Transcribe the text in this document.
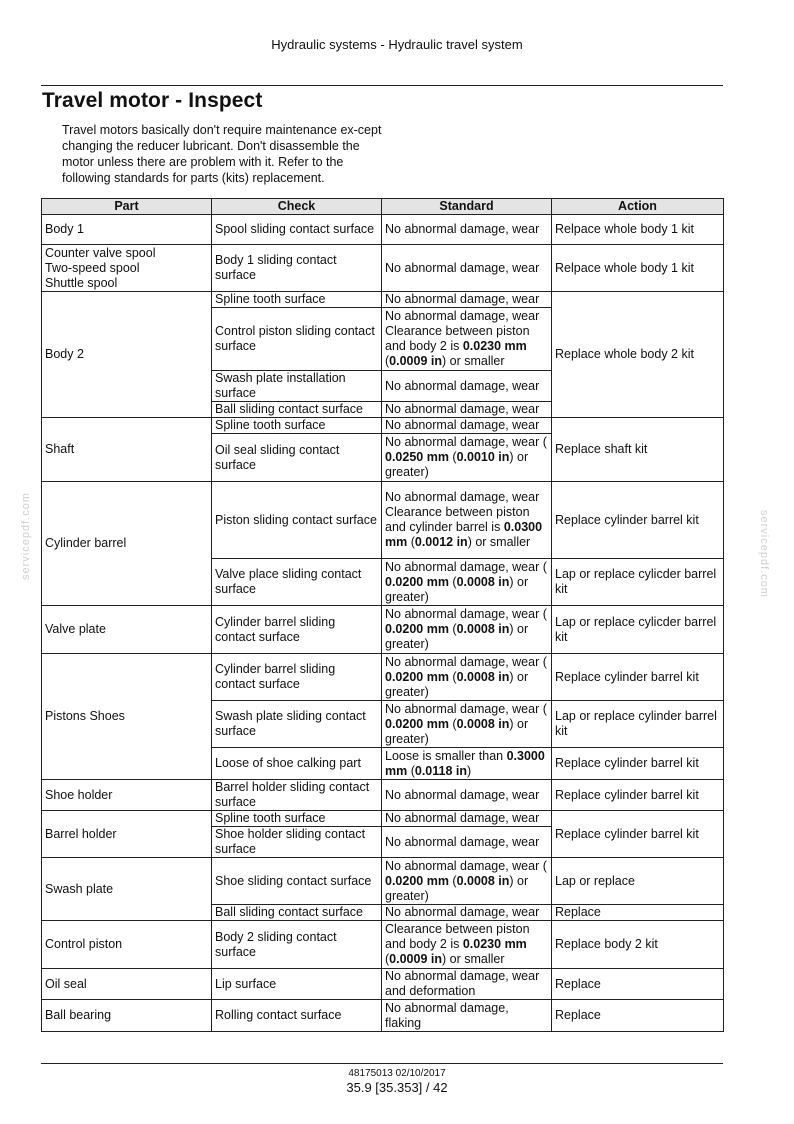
Hydraulic systems - Hydraulic travel system
Travel motor - Inspect

Travel motors basically don't require maintenance ex-cept changing the reducer lubricant. Don't disassemble the motor unless there are problem with it. Refer to the following standards for parts (kits) replacement.

Part	Check	Standard	Action
Body 1	Spool sliding contact surface	No abnormal damage, wear	Relpace whole body 1 kit
Counter valve spool
Two-speed spool
Shuttle spool	Body 1 sliding contact surface	No abnormal damage, wear	Relpace whole body 1 kit
Body 2	Spline tooth surface	No abnormal damage, wear	Replace whole body 2 kit
	Control piston sliding contact surface	No abnormal damage, wear Clearance between piston and body 2 is 0.0230 mm (0.0009 in) or smaller	
	Swash plate installation surface	No abnormal damage, wear	
	Ball sliding contact surface	No abnormal damage, wear	
Shaft	Spline tooth surface	No abnormal damage, wear	Replace shaft kit
	Oil seal sliding contact surface	No abnormal damage, wear ( 0.0250 mm (0.0010 in) or greater)	
Cylinder barrel	Piston sliding contact surface	No abnormal damage, wear Clearance between piston and cylinder barrel is 0.0300 mm (0.0012 in) or smaller	Replace cylinder barrel kit
	Valve place sliding contact surface	No abnormal damage, wear ( 0.0200 mm (0.0008 in) or greater)	Lap or replace cylicder barrel kit
Valve plate	Cylinder barrel sliding contact surface	No abnormal damage, wear ( 0.0200 mm (0.0008 in) or greater)	Lap or replace cylicder barrel kit
Pistons Shoes	Cylinder barrel sliding contact surface	No abnormal damage, wear ( 0.0200 mm (0.0008 in) or greater)	Replace cylinder barrel kit
	Swash plate sliding contact surface	No abnormal damage, wear ( 0.0200 mm (0.0008 in) or greater)	Lap or replace cylinder barrel kit
	Loose of shoe calking part	Loose is smaller than 0.3000 mm (0.0118 in)	Replace cylinder barrel kit
Shoe holder	Barrel holder sliding contact surface	No abnormal damage, wear	Replace cylinder barrel kit
Barrel holder	Spline tooth surface	No abnormal damage, wear	Replace cylinder barrel kit
	Shoe holder sliding contact surface	No abnormal damage, wear	
Swash plate	Shoe sliding contact surface	No abnormal damage, wear ( 0.0200 mm (0.0008 in) or greater)	Lap or replace
	Ball sliding contact surface	No abnormal damage, wear	Replace
Control piston	Body 2 sliding contact surface	Clearance between piston and body 2 is 0.0230 mm (0.0009 in) or smaller	Replace body 2 kit
Oil seal	Lip surface	No abnormal damage, wear and deformation	Replace
Ball bearing	Rolling contact surface	No abnormal damage, flaking	Replace
servicepdf.com	servicepdf.com
48175013 02/10/2017
35.9 [35.353] / 42
